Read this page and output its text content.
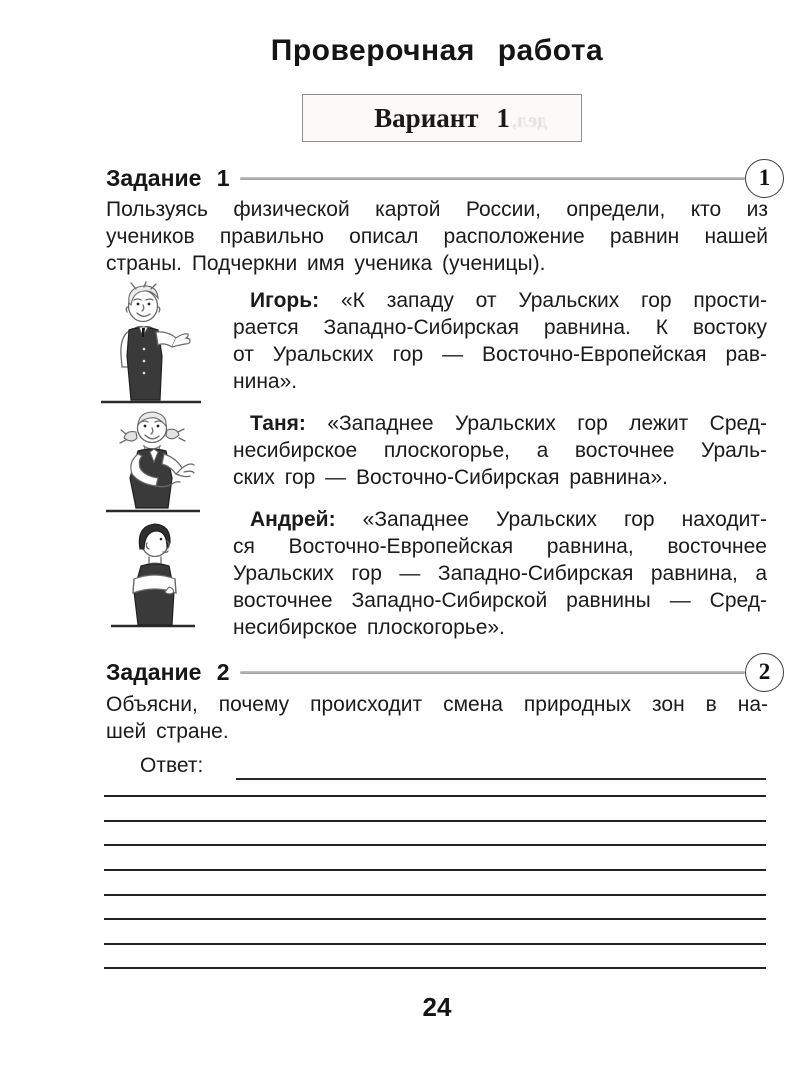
Проверочная работа
Вариант 1 дел,
Задание 1	1
Пользуясь физической картой России, определи, кто из
учеников правильно описал расположение равнин нашей
страны. Подчеркни имя ученика (ученицы).
Игорь: «К западу от Уральских гор прости-
рается Западно-Сибирская равнина. К востоку
от Уральских гор — Восточно-Европейская рав-
нина».
Таня: «Западнее Уральских гор лежит Сред-
несибирское плоскогорье, а восточнее Ураль-
ских гор — Восточно-Сибирская равнина».
Андрей: «Западнее Уральских гор находит-
ся Восточно-Европейская равнина, восточнее
Уральских гор — Западно-Сибирская равнина, а
восточнее Западно-Сибирской равнины — Сред-
несибирское плоскогорье».
Задание 2	2
Объясни, почему происходит смена природных зон в на-
шей стране.
Ответ:
24
